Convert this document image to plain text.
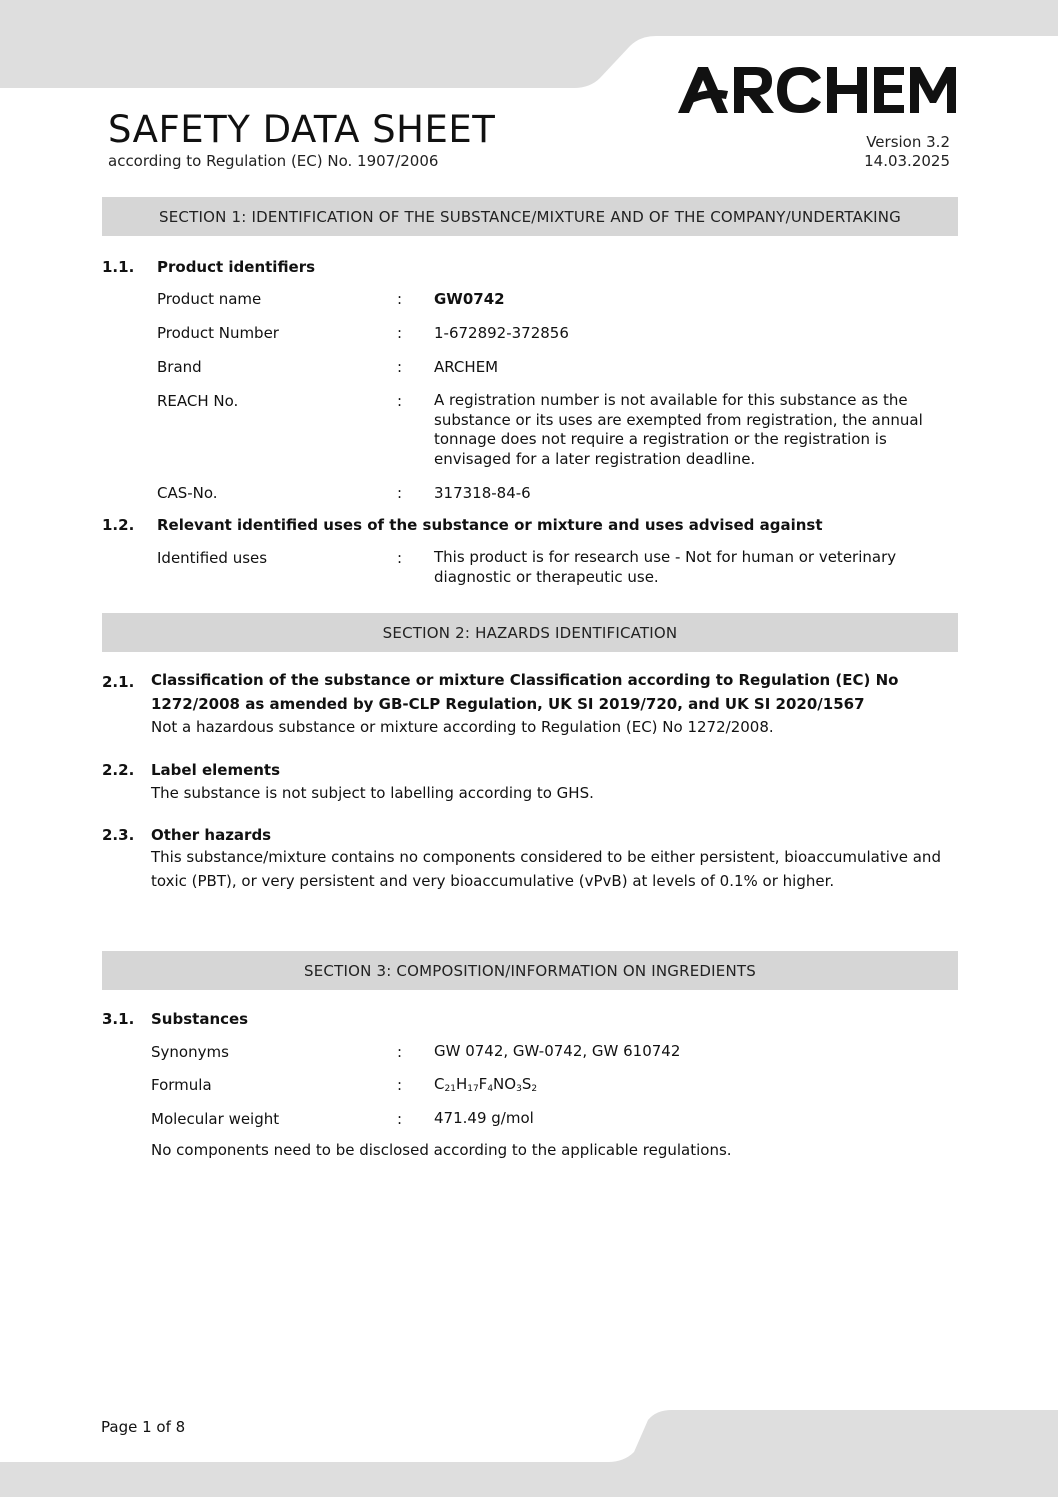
SAFETY DATA SHEET
according to Regulation (EC) No. 1907/2006
Version 3.2
14.03.2025
SECTION 1: IDENTIFICATION OF THE SUBSTANCE/MIXTURE AND OF THE COMPANY/UNDERTAKING
1.1. Product identifiers
Product name	: GW0742
Product Number	: 1-672892-372856
Brand	: ARCHEM
REACH No.	: A registration number is not available for this substance as the substance or its uses are exempted from registration, the annual tonnage does not require a registration or the registration is envisaged for a later registration deadline.
CAS-No.	: 317318-84-6
1.2. Relevant identified uses of the substance or mixture and uses advised against
Identified uses	: This product is for research use - Not for human or veterinary diagnostic or therapeutic use.
SECTION 2: HAZARDS IDENTIFICATION
2.1. Classification of the substance or mixture Classification according to Regulation (EC) No 1272/2008 as amended by GB-CLP Regulation, UK SI 2019/720, and UK SI 2020/1567
Not a hazardous substance or mixture according to Regulation (EC) No 1272/2008.
2.2. Label elements
The substance is not subject to labelling according to GHS.
2.3. Other hazards
This substance/mixture contains no components considered to be either persistent, bioaccumulative and toxic (PBT), or very persistent and very bioaccumulative (vPvB) at levels of 0.1% or higher.
SECTION 3: COMPOSITION/INFORMATION ON INGREDIENTS
3.1. Substances
Synonyms	: GW 0742, GW-0742, GW 610742
Formula	: $C_{21}H_{17}F_4NO_3S_2$
Molecular weight	: 471.49 g/mol
No components need to be disclosed according to the applicable regulations.
Page 1 of 8
